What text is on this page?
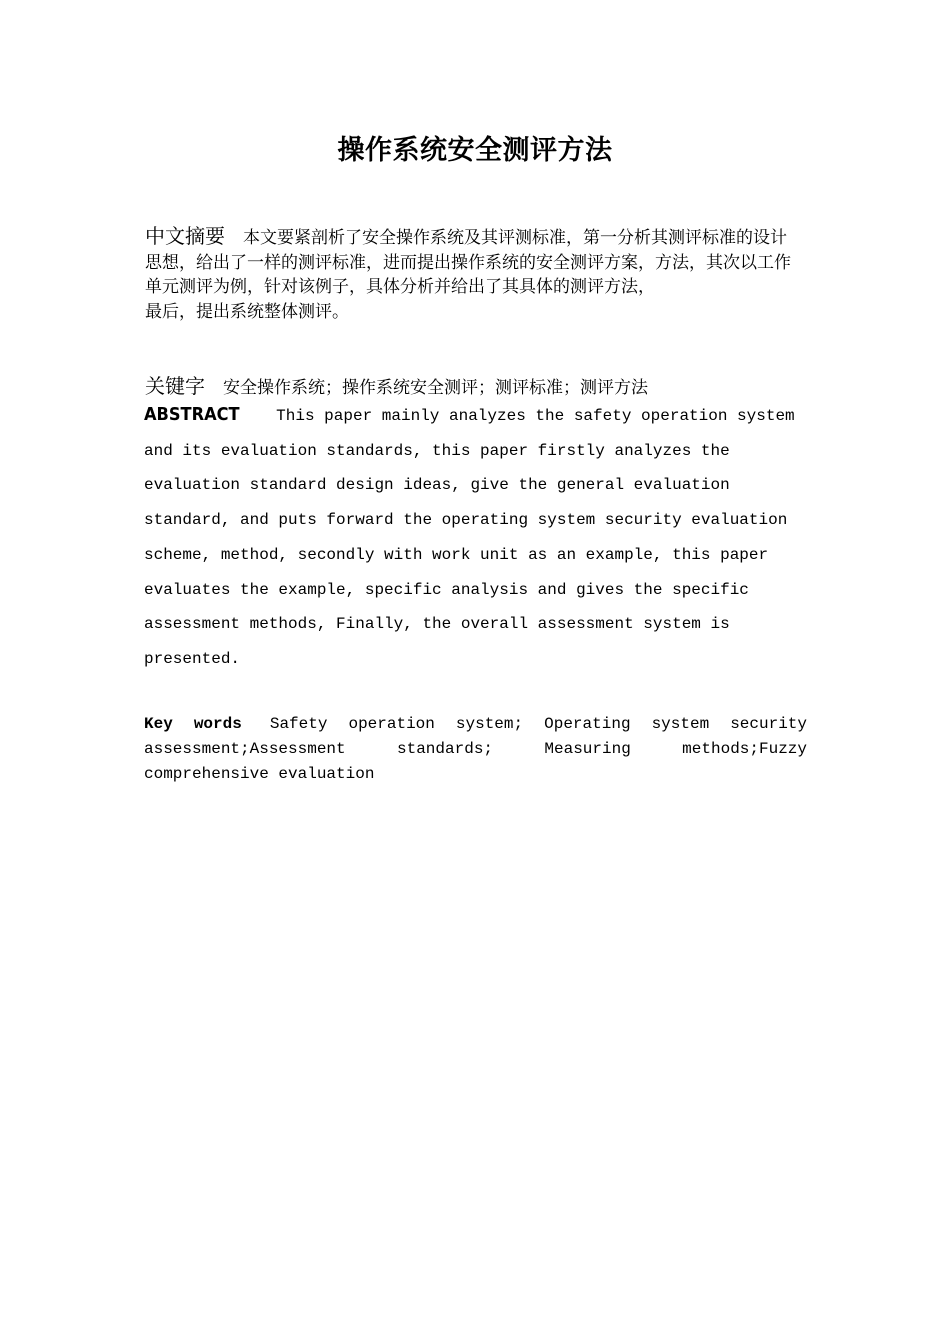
操作系统安全测评方法
中文摘要 本文要紧剖析了安全操作系统及其评测标准，第一分析其测评标准的设计思想，给出了一样的测评标准，进而提出操作系统的安全测评方案，方法，其次以工作单元测评为例，针对该例子，具体分析并给出了其具体的测评方法，
最后，提出系统整体测评。
关键字 安全操作系统；操作系统安全测评；测评标准；测评方法
ABSTRACT This paper mainly analyzes the safety operation system and its evaluation standards, this paper firstly analyzes the evaluation standard design ideas, give the general evaluation standard, and puts forward the operating system security evaluation scheme, method, secondly with work unit as an example, this paper evaluates the example, specific analysis and gives the specific assessment methods, Finally, the overall assessment system is presented.
Key words Safety operation system; Operating system security assessment;Assessment standards; Measuring methods;Fuzzy comprehensive evaluation
